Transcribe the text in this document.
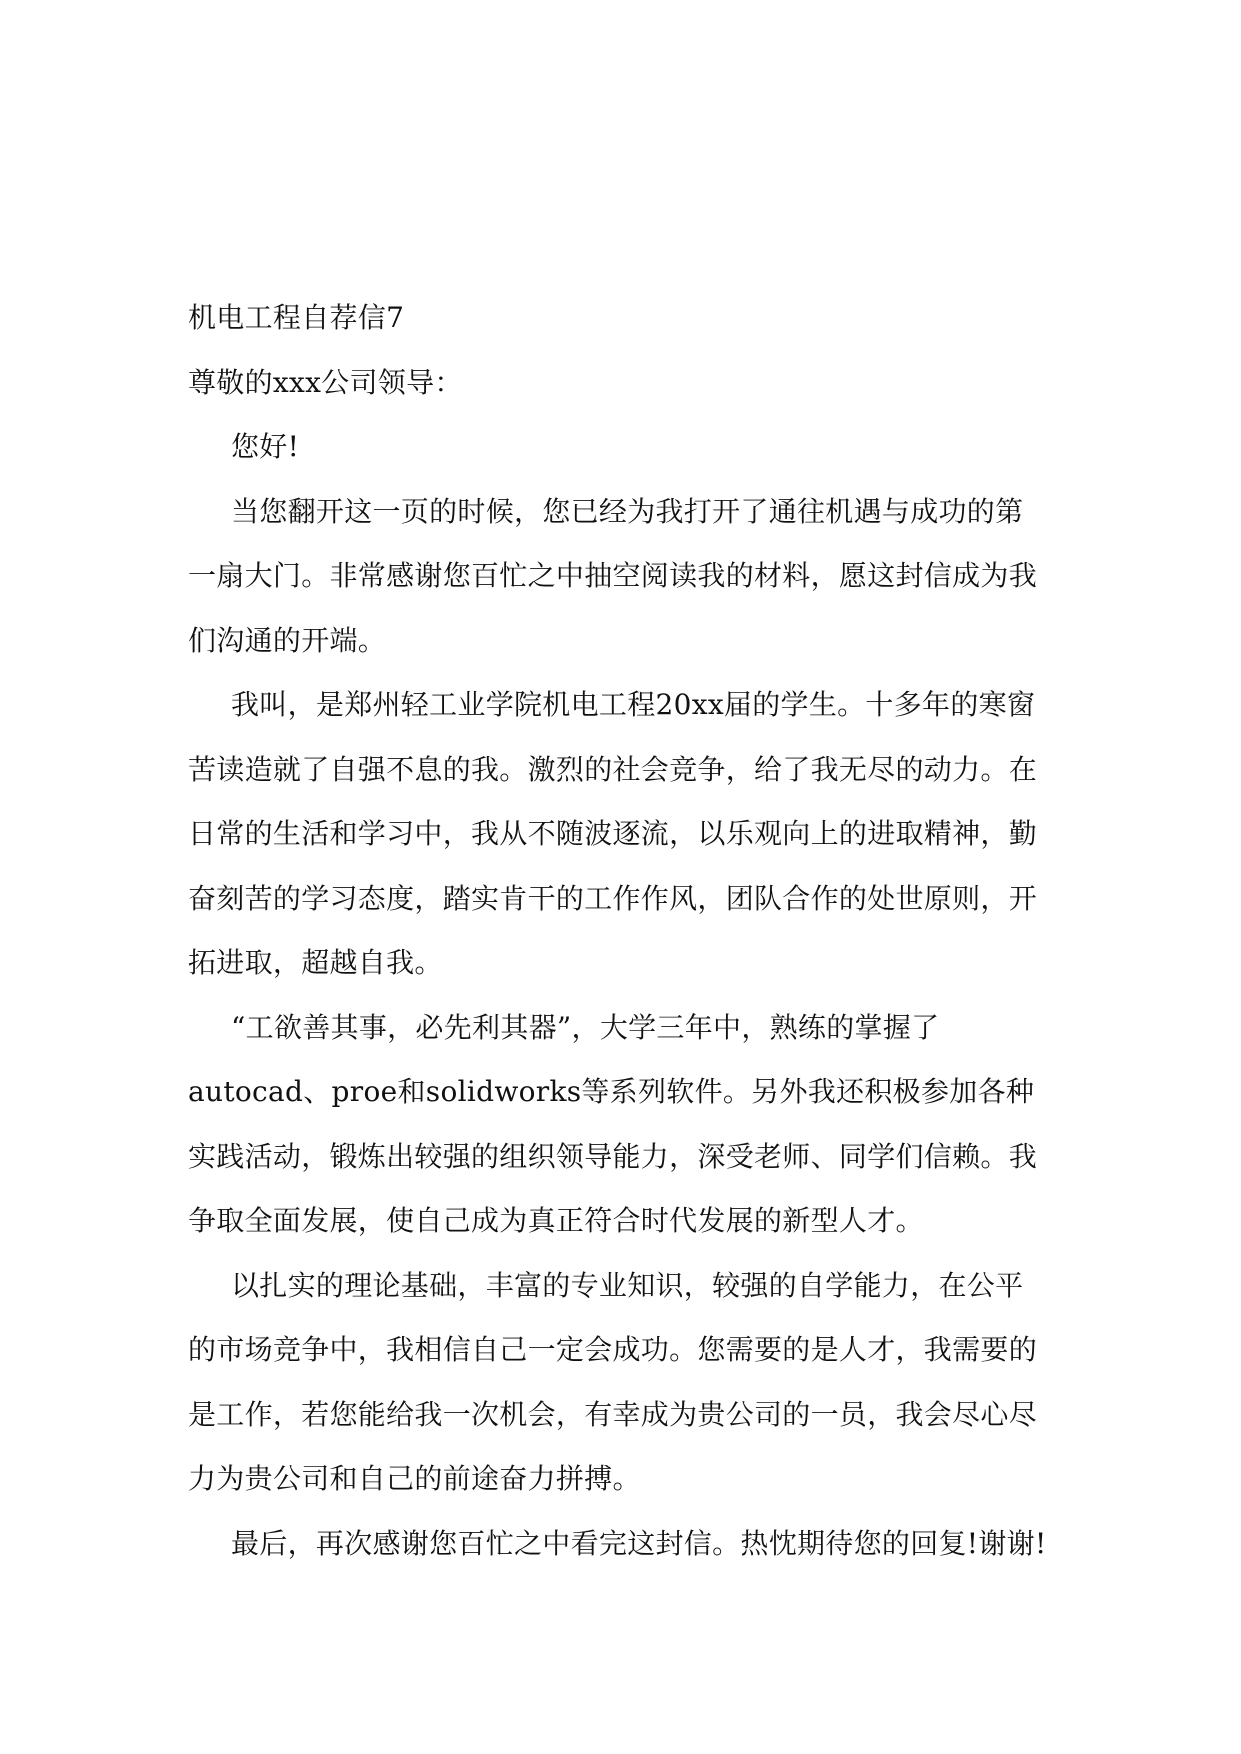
机电工程自荐信7
尊敬的xxx公司领导：
您好!
当您翻开这一页的时候，您已经为我打开了通往机遇与成功的第
一扇大门。非常感谢您百忙之中抽空阅读我的材料，愿这封信成为我
们沟通的开端。
我叫，是郑州轻工业学院机电工程20xx届的学生。十多年的寒窗
苦读造就了自强不息的我。激烈的社会竞争，给了我无尽的动力。在
日常的生活和学习中，我从不随波逐流，以乐观向上的进取精神，勤
奋刻苦的学习态度，踏实肯干的工作作风，团队合作的处世原则，开
拓进取，超越自我。
“工欲善其事，必先利其器”，大学三年中，熟练的掌握了
autocad、proe和solidworks等系列软件。另外我还积极参加各种
实践活动，锻炼出较强的组织领导能力，深受老师、同学们信赖。我
争取全面发展，使自己成为真正符合时代发展的新型人才。
以扎实的理论基础，丰富的专业知识，较强的自学能力，在公平
的市场竞争中，我相信自己一定会成功。您需要的是人才，我需要的
是工作，若您能给我一次机会，有幸成为贵公司的一员，我会尽心尽
力为贵公司和自己的前途奋力拼搏。
最后，再次感谢您百忙之中看完这封信。热忱期待您的回复!谢谢!
